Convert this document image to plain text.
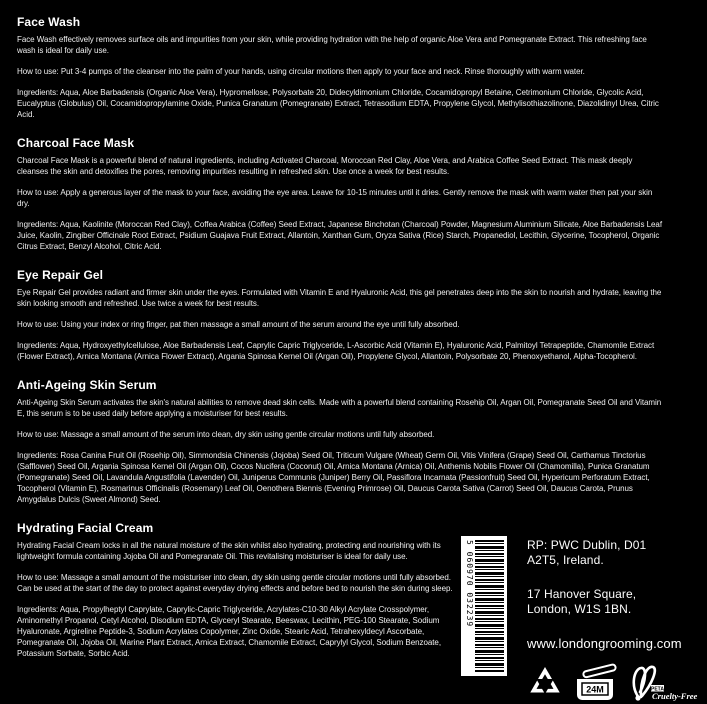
Face Wash

Face Wash effectively removes surface oils and impurities from your skin, while providing hydration with the help of organic Aloe Vera and Pomegranate Extract. This refreshing face wash is ideal for daily use.

How to use: Put 3-4 pumps of the cleanser into the palm of your hands, using circular motions then apply to your face and neck. Rinse thoroughly with warm water.

Ingredients: Aqua, Aloe Barbadensis (Organic Aloe Vera), Hypromellose, Polysorbate 20, Didecyldimonium Chloride, Cocamidopropyl Betaine, Cetrimonium Chloride, Glycolic Acid, Eucalyptus (Globulus) Oil, Cocamidopropylamine Oxide, Punica Granatum (Pomegranate) Extract, Tetrasodium EDTA, Propylene Glycol, Methylisothiazolinone, Diazolidinyl Urea, Citric Acid.

Charcoal Face Mask

Charcoal Face Mask is a powerful blend of natural ingredients, including Activated Charcoal, Moroccan Red Clay, Aloe Vera, and Arabica Coffee Seed Extract. This mask deeply cleanses the skin and detoxifies the pores, removing impurities resulting in refreshed skin. Use once a week for best results.

How to use: Apply a generous layer of the mask to your face, avoiding the eye area. Leave for 10-15 minutes until it dries. Gently remove the mask with warm water then pat your skin dry.

Ingredients: Aqua, Kaolinite (Moroccan Red Clay), Coffea Arabica (Coffee) Seed Extract, Japanese Binchotan (Charcoal) Powder, Magnesium Aluminium Silicate, Aloe Barbadensis Leaf Juice, Kaolin, Zingiber Officinale Root Extract, Psidium Guajava Fruit Extract, Allantoin, Xanthan Gum, Oryza Sativa (Rice) Starch, Propanediol, Lecithin, Glycerine, Tocopherol, Organic Citrus Extract, Benzyl Alcohol, Citric Acid.

Eye Repair Gel

Eye Repair Gel provides radiant and firmer skin under the eyes. Formulated with Vitamin E and Hyaluronic Acid, this gel penetrates deep into the skin to nourish and hydrate, leaving the skin looking smooth and refreshed. Use twice a week for best results.

How to use: Using your index or ring finger, pat then massage a small amount of the serum around the eye until fully absorbed.

Ingredients: Aqua, Hydroxyethylcellulose, Aloe Barbadensis Leaf, Caprylic Capric Triglyceride, L-Ascorbic Acid (Vitamin E), Hyaluronic Acid, Palmitoyl Tetrapeptide, Chamomile Extract (Flower Extract), Arnica Montana (Arnica Flower Extract), Argania Spinosa Kernel Oil (Argan Oil), Propylene Glycol, Allantoin, Polysorbate 20, Phenoxyethanol, Alpha-Tocopherol.

Anti-Ageing Skin Serum

Anti-Ageing Skin Serum activates the skin's natural abilities to remove dead skin cells. Made with a powerful blend containing Rosehip Oil, Argan Oil, Pomegranate Seed Oil and Vitamin E, this serum is to be used daily before applying a moisturiser for best results.

How to use: Massage a small amount of the serum into clean, dry skin using gentle circular motions until fully absorbed.

Ingredients: Rosa Canina Fruit Oil (Rosehip Oil), Simmondsia Chinensis (Jojoba) Seed Oil, Triticum Vulgare (Wheat) Germ Oil, Vitis Vinifera (Grape) Seed Oil, Carthamus Tinctorius (Safflower) Seed Oil, Argania Spinosa Kernel Oil (Argan Oil), Cocos Nucifera (Coconut) Oil, Arnica Montana (Arnica) Oil, Anthemis Nobilis Flower Oil (Chamomilla), Punica Granatum (Pomegranate) Seed Oil, Lavandula Angustifolia (Lavender) Oil, Juniperus Communis (Juniper) Berry Oil, Passiflora Incarnata (Passionfruit) Seed Oil, Hypericum Perforatum Extract, Tocopherol (Vitamin E), Rosmarinus Officinalis (Rosemary) Leaf Oil, Oenothera Biennis (Evening Primrose) Oil, Daucus Carota Sativa (Carrot) Seed Oil, Daucus Carota, Prunus Amygdalus Dulcis (Sweet Almond) Seed.

Hydrating Facial Cream

Hydrating Facial Cream locks in all the natural moisture of the skin whilst also hydrating, protecting and nourishing with its lightweight formula containing Jojoba Oil and Pomegranate Oil. This revitalising moisturiser is ideal for daily use.

How to use: Massage a small amount of the moisturiser into clean, dry skin using gentle circular motions until fully absorbed. Can be used at the start of the day to protect against everyday drying effects and before bed to nourish the skin during sleep.

Ingredients: Aqua, Propylheptyl Caprylate, Caprylic-Capric Triglyceride, Acrylates-C10-30 Alkyl Acrylate Crosspolymer, Aminomethyl Propanol, Cetyl Alcohol, Disodium EDTA, Glyceryl Stearate, Beeswax, Lecithin, PEG-100 Stearate, Sodium Hyaluronate, Argireline Peptide-3, Sodium Acrylates Copolymer, Zinc Oxide, Stearic Acid, Tetrahexyldecyl Ascorbate, Pomegranate Oil, Jojoba Oil, Marine Plant Extract, Arnica Extract, Chamomile Extract, Caprylyl Glycol, Sodium Benzoate, Potassium Sorbate, Sorbic Acid.

5 060970 032239	RP: PWC Dublin, D01 A2T5, Ireland.

17 Hanover Square, London, W1S 1BN.

www.londongrooming.com

24M	PETA
Cruelty-Free
